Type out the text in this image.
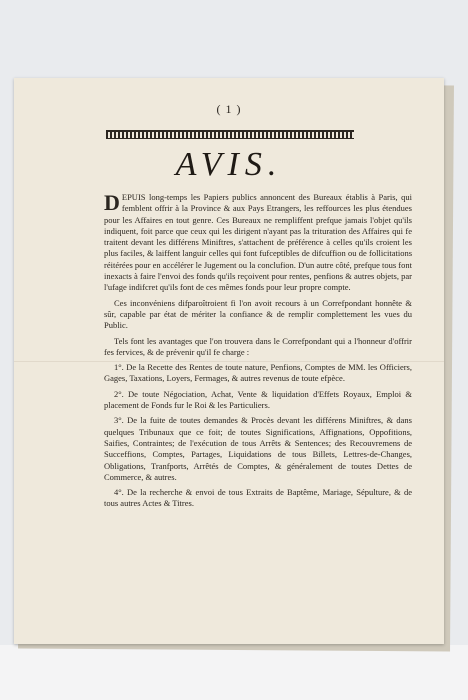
( 1 )
AVIS.

DEPUIS long-temps les Papiers publics annoncent des Bureaux établis à Paris, qui femblent offrir à la Province & aux Pays Etrangers, les reffources les plus étendues pour les Affaires en tout genre. Ces Bureaux ne rempliffent prefque jamais l'objet qu'ils indiquent, foit parce que ceux qui les dirigent n'ayant pas la trituration des Affaires qui fe traitent devant les différens Miniftres, s'attachent de préférence à celles qu'ils croient les plus faciles, & laiffent languir celles qui font fufceptibles de difcuffion ou de follicitations réitérées pour en accélérer le Jugement ou la conclufion. D'un autre côté, prefque tous font inexacts à faire l'envoi des fonds qu'ils reçoivent pour rentes, penfions & autres objets, par l'ufage indifcret qu'ils font de ces mêmes fonds pour leur propre compte.

Ces inconvéniens difparoîtroient fi l'on avoit recours à un Correfpondant honnête & sûr, capable par état de mériter la confiance & de remplir complettement les vues du Public.

Tels font les avantages que l'on trouvera dans le Correfpondant qui a l'honneur d'offrir fes fervices, & de prévenir qu'il fe charge :

1°. De la Recette des Rentes de toute nature, Penfions, Comptes de MM. les Officiers, Gages, Taxations, Loyers, Fermages, & autres revenus de toute efpèce.

2°. De toute Négociation, Achat, Vente & liquidation d'Effets Royaux, Emploi & placement de Fonds fur le Roi & les Particuliers.

3°. De la fuite de toutes demandes & Procès devant les différens Miniftres, & dans quelques Tribunaux que ce foit; de toutes Significations, Affignations, Oppofitions, Saifies, Contraintes; de l'exécution de tous Arrêts & Sentences; des Recouvremens de Succeffions, Comptes, Partages, Liquidations de tous Billets, Lettres-de-Changes, Obligations, Tranfports, Arrêtés de Comptes, & généralement de toutes Dettes de Commerce, & autres.

4°. De la recherche & envoi de tous Extraits de Baptême, Mariage, Sépulture, & de tous autres Actes & Titres.
